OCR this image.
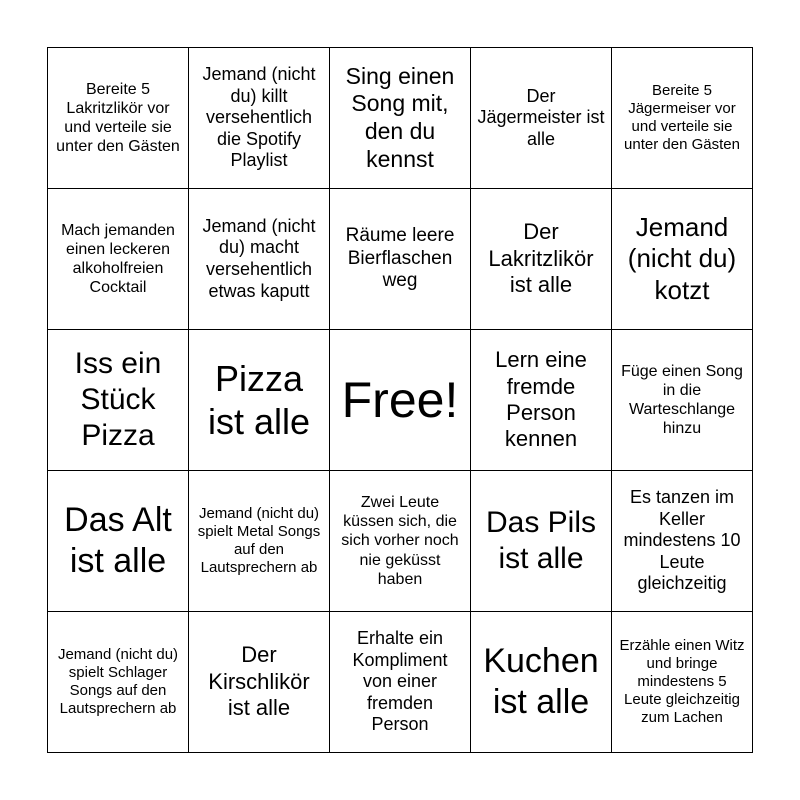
Bereite 5 Lakritzlikör vor und verteile sie unter den Gästen
Jemand (nicht du) killt versehentlich die Spotify Playlist
Sing einen Song mit, den du kennst
Der Jägermeister ist alle
Bereite 5 Jägermeiser vor und verteile sie unter den Gästen
Mach jemanden einen leckeren alkoholfreien Cocktail
Jemand (nicht du) macht versehentlich etwas kaputt
Räume leere Bierflaschen weg
Der Lakritzlikör ist alle
Jemand (nicht du) kotzt
Iss ein Stück Pizza
Pizza ist alle Free!
Lern eine fremde Person kennen
Füge einen Song in die Warteschlange hinzu
Das Alt ist alle
Jemand (nicht du) spielt Metal Songs auf den Lautsprechern ab
Zwei Leute küssen sich, die sich vorher noch nie geküsst haben
Das Pils ist alle
Es tanzen im Keller mindestens 10 Leute gleichzeitig
Jemand (nicht du) spielt Schlager Songs auf den Lautsprechern ab
Der Kirschlikör ist alle
Erhalte ein Kompliment von einer fremden Person
Kuchen ist alle
Erzähle einen Witz und bringe mindestens 5 Leute gleichzeitig zum Lachen
